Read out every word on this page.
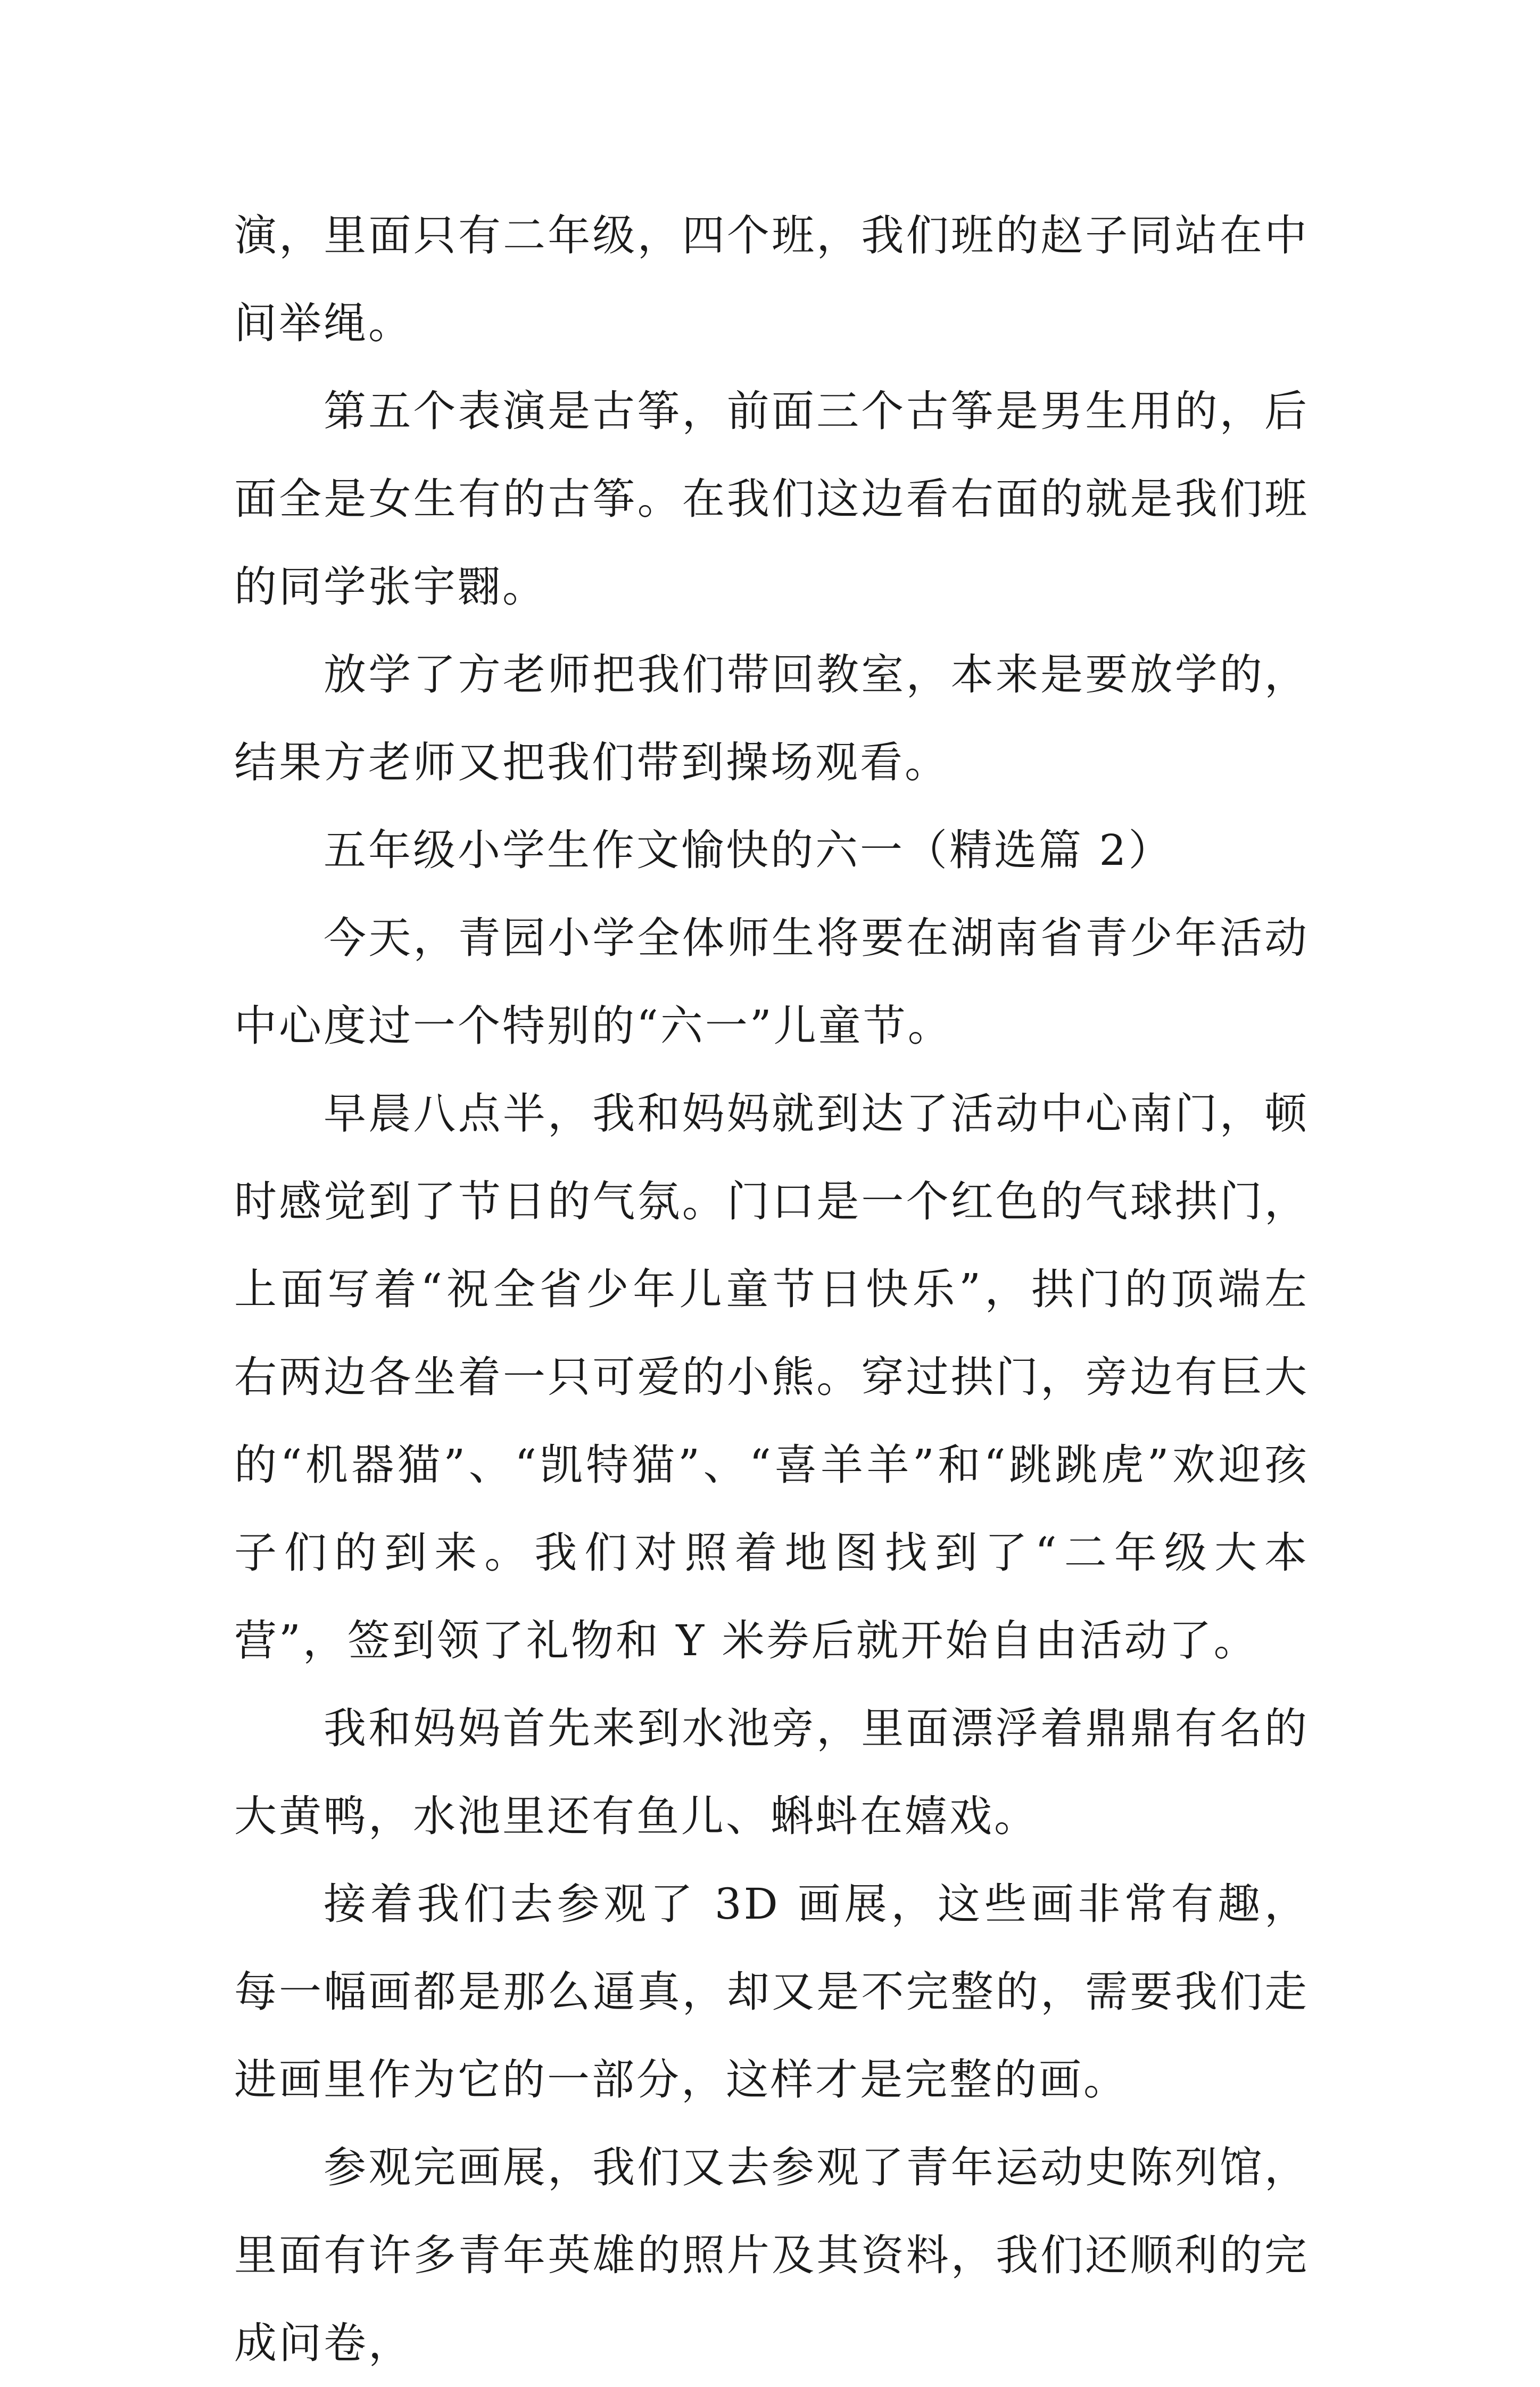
演，里面只有二年级，四个班，我们班的赵子同站在中间举绳。

第五个表演是古筝，前面三个古筝是男生用的，后面全是女生有的古筝。在我们这边看右面的就是我们班的同学张宇翾。

放学了方老师把我们带回教室，本来是要放学的，结果方老师又把我们带到操场观看。

五年级小学生作文愉快的六一（精选篇 2）

今天，青园小学全体师生将要在湖南省青少年活动中心度过一个特别的“六一”儿童节。

早晨八点半，我和妈妈就到达了活动中心南门，顿时感觉到了节日的气氛。门口是一个红色的气球拱门，上面写着“祝全省少年儿童节日快乐”，拱门的顶端左右两边各坐着一只可爱的小熊。穿过拱门，旁边有巨大的“机器猫”、“凯特猫”、“喜羊羊”和“跳跳虎”欢迎孩子们的到来。我们对照着地图找到了“二年级大本营”，签到领了礼物和 Y 米券后就开始自由活动了。

我和妈妈首先来到水池旁，里面漂浮着鼎鼎有名的大黄鸭，水池里还有鱼儿、蝌蚪在嬉戏。

接着我们去参观了 3D 画展，这些画非常有趣，每一幅画都是那么逼真，却又是不完整的，需要我们走进画里作为它的一部分，这样才是完整的画。

参观完画展，我们又去参观了青年运动史陈列馆，里面有许多青年英雄的照片及其资料，我们还顺利的完成问卷，
